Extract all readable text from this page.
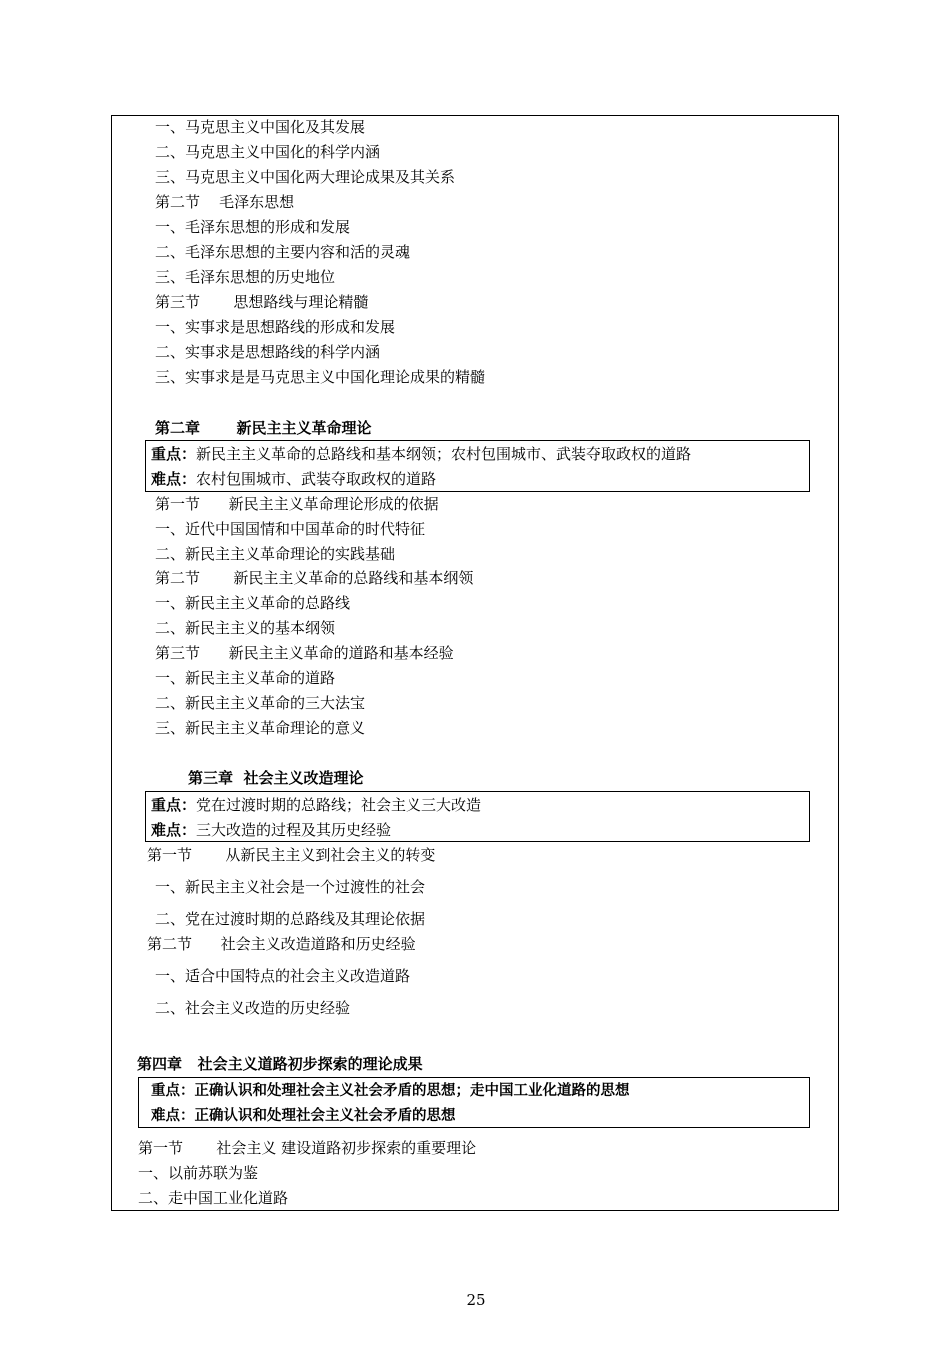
一、马克思主义中国化及其发展
二、马克思主义中国化的科学内涵
三、马克思主义中国化两大理论成果及其关系
第二节    毛泽东思想
一、毛泽东思想的形成和发展
二、毛泽东思想的主要内容和活的灵魂
三、毛泽东思想的历史地位
第三节       思想路线与理论精髓
一、实事求是思想路线的形成和发展
二、实事求是思想路线的科学内涵
三、实事求是是马克思主义中国化理论成果的精髓
第二章       新民主主义革命理论
重点：新民主主义革命的总路线和基本纲领；农村包围城市、武装夺取政权的道路
难点：农村包围城市、武装夺取政权的道路
第一节      新民主主义革命理论形成的依据
一、近代中国国情和中国革命的时代特征
二、新民主主义革命理论的实践基础
第二节       新民主主义革命的总路线和基本纲领
一、新民主主义革命的总路线
二、新民主主义的基本纲领
第三节      新民主主义革命的道路和基本经验
一、新民主主义革命的道路
二、新民主主义革命的三大法宝
三、新民主主义革命理论的意义
第三章  社会主义改造理论
重点：党在过渡时期的总路线；社会主义三大改造
难点：三大改造的过程及其历史经验
第一节       从新民主主义到社会主义的转变
一、新民主主义社会是一个过渡性的社会
二、党在过渡时期的总路线及其理论依据
第二节      社会主义改造道路和历史经验
一、适合中国特点的社会主义改造道路
二、社会主义改造的历史经验
第四章   社会主义道路初步探索的理论成果
重点：正确认识和处理社会主义社会矛盾的思想；走中国工业化道路的思想
难点：正确认识和处理社会主义社会矛盾的思想
第一节       社会主义 建设道路初步探索的重要理论
一、以前苏联为鉴
二、走中国工业化道路
25
